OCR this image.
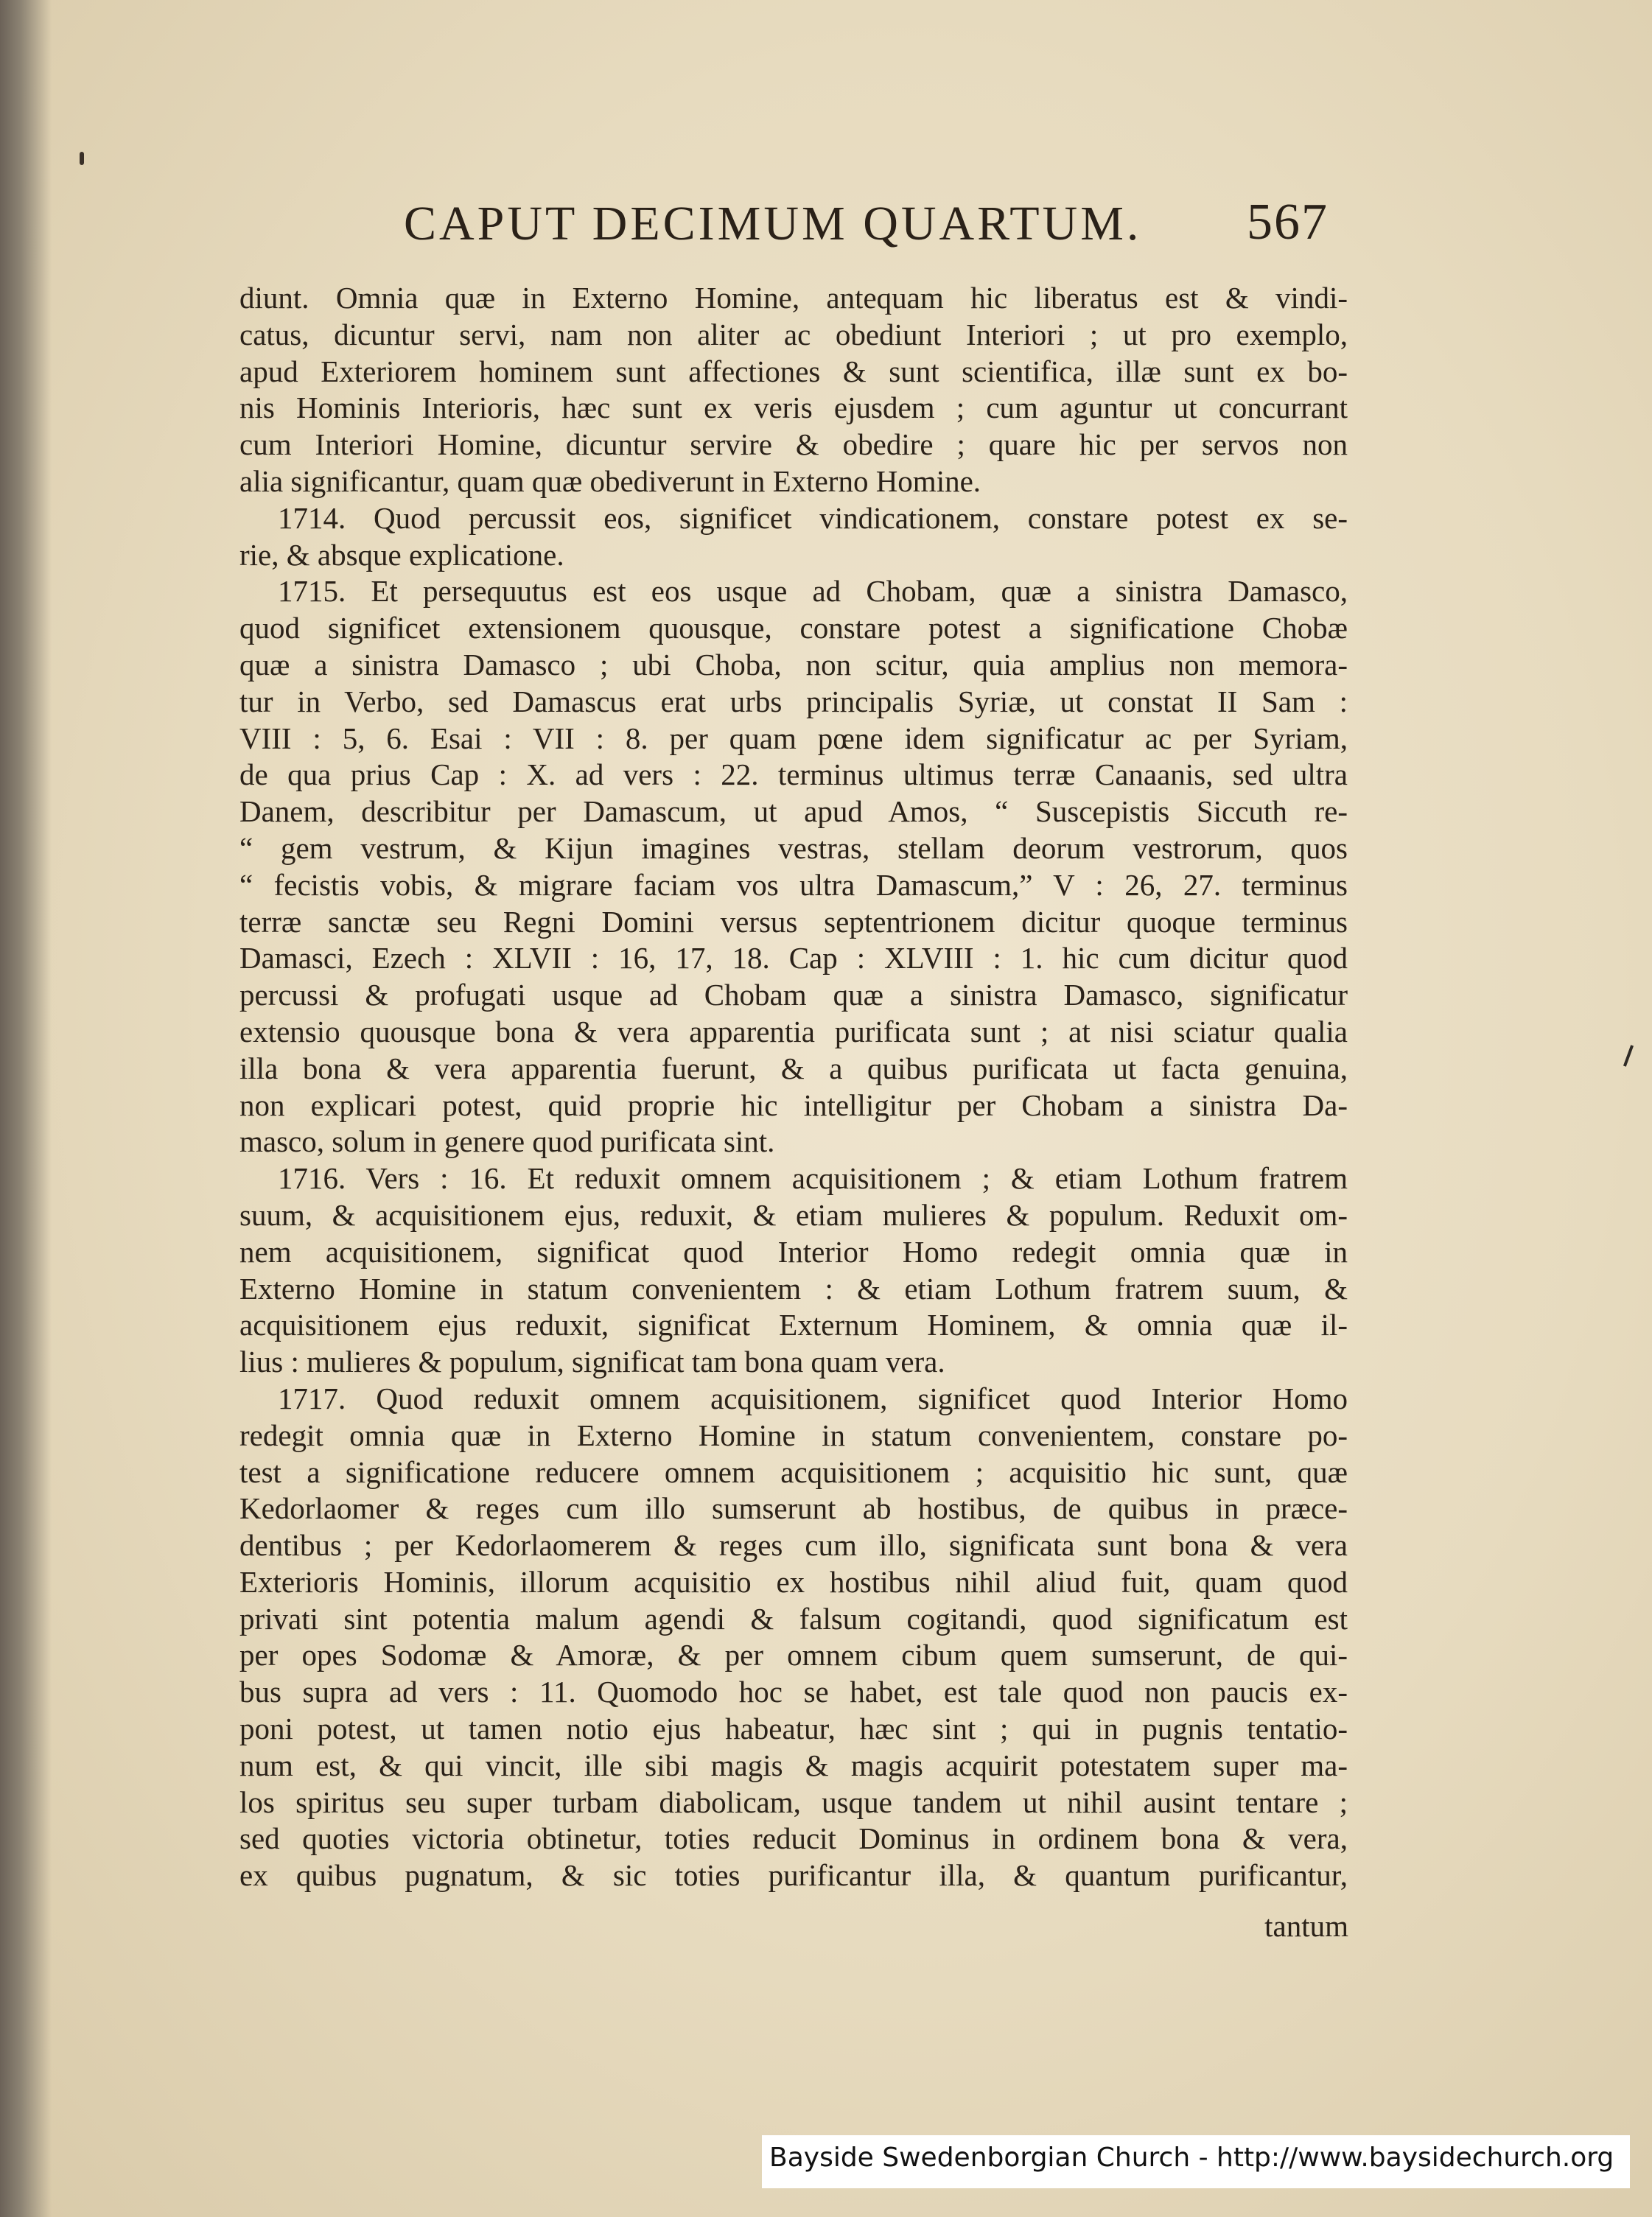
CAPUT DECIMUM QUARTUM. 567
diunt. Omnia quæ in Externo Homine, antequam hic liberatus est & vindi-
catus, dicuntur servi, nam non aliter ac obediunt Interiori ; ut pro exemplo,
apud Exteriorem hominem sunt affectiones & sunt scientifica, illæ sunt ex bo-
nis Hominis Interioris, hæc sunt ex veris ejusdem ; cum aguntur ut concurrant
cum Interiori Homine, dicuntur servire & obedire ; quare hic per servos non
alia significantur, quam quæ obediverunt in Externo Homine.
1714. Quod percussit eos, significet vindicationem, constare potest ex se-
rie, & absque explicatione.
1715. Et persequutus est eos usque ad Chobam, quæ a sinistra Damasco,
quod significet extensionem quousque, constare potest a significatione Chobæ
quæ a sinistra Damasco ; ubi Choba, non scitur, quia amplius non memora-
tur in Verbo, sed Damascus erat urbs principalis Syriæ, ut constat II Sam :
VIII : 5, 6. Esai : VII : 8. per quam pœne idem significatur ac per Syriam,
de qua prius Cap : X. ad vers : 22. terminus ultimus terræ Canaanis, sed ultra
Danem, describitur per Damascum, ut apud Amos, “ Suscepistis Siccuth re-
“ gem vestrum, & Kijun imagines vestras, stellam deorum vestrorum, quos
“ fecistis vobis, & migrare faciam vos ultra Damascum,” V : 26, 27. terminus
terræ sanctæ seu Regni Domini versus septentrionem dicitur quoque terminus
Damasci, Ezech : XLVII : 16, 17, 18. Cap : XLVIII : 1. hic cum dicitur quod
percussi & profugati usque ad Chobam quæ a sinistra Damasco, significatur
extensio quousque bona & vera apparentia purificata sunt ; at nisi sciatur qualia
illa bona & vera apparentia fuerunt, & a quibus purificata ut facta genuina,
non explicari potest, quid proprie hic intelligitur per Chobam a sinistra Da-
masco, solum in genere quod purificata sint.
1716. Vers : 16. Et reduxit omnem acquisitionem ; & etiam Lothum fratrem
suum, & acquisitionem ejus, reduxit, & etiam mulieres & populum. Reduxit om-
nem acquisitionem, significat quod Interior Homo redegit omnia quæ in
Externo Homine in statum convenientem : & etiam Lothum fratrem suum, &
acquisitionem ejus reduxit, significat Externum Hominem, & omnia quæ il-
lius : mulieres & populum, significat tam bona quam vera.
1717. Quod reduxit omnem acquisitionem, significet quod Interior Homo
redegit omnia quæ in Externo Homine in statum convenientem, constare po-
test a significatione reducere omnem acquisitionem ; acquisitio hic sunt, quæ
Kedorlaomer & reges cum illo sumserunt ab hostibus, de quibus in præce-
dentibus ; per Kedorlaomerem & reges cum illo, significata sunt bona & vera
Exterioris Hominis, illorum acquisitio ex hostibus nihil aliud fuit, quam quod
privati sint potentia malum agendi & falsum cogitandi, quod significatum est
per opes Sodomæ & Amoræ, & per omnem cibum quem sumserunt, de qui-
bus supra ad vers : 11. Quomodo hoc se habet, est tale quod non paucis ex-
poni potest, ut tamen notio ejus habeatur, hæc sint ; qui in pugnis tentatio-
num est, & qui vincit, ille sibi magis & magis acquirit potestatem super ma-
los spiritus seu super turbam diabolicam, usque tandem ut nihil ausint tentare ;
sed quoties victoria obtinetur, toties reducit Dominus in ordinem bona & vera,
ex quibus pugnatum, & sic toties purificantur illa, & quantum purificantur,
tantum
Bayside Swedenborgian Church - http://www.baysidechurch.org
